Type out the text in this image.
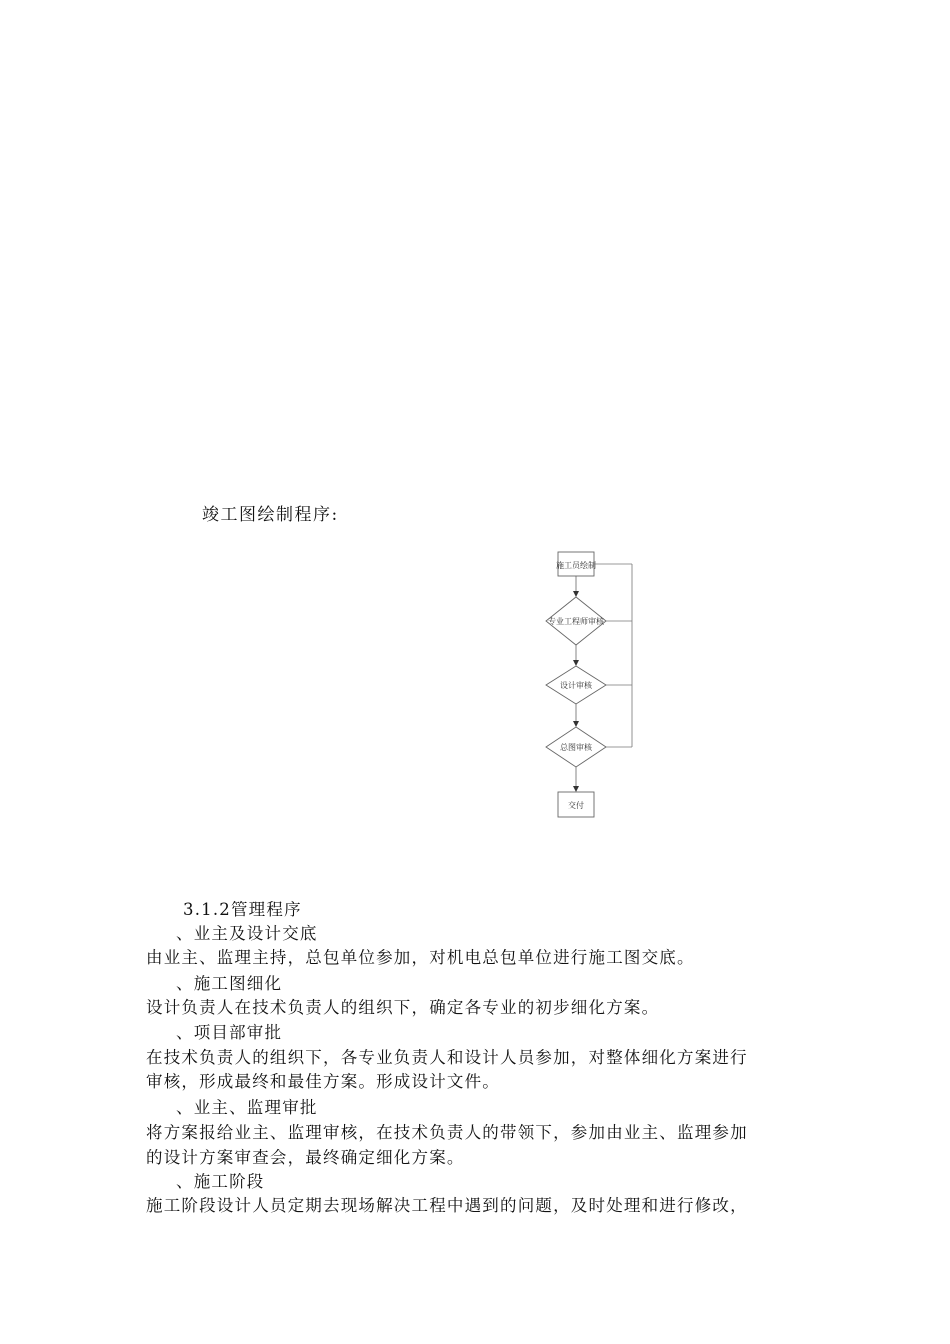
竣工图绘制程序:
施工员绘制
专业工程师审核
设计审核
总图审核
交付
3.1.2管理程序
、业主及设计交底
由业主、监理主持，总包单位参加，对机电总包单位进行施工图交底。
、施工图细化
设计负责人在技术负责人的组织下，确定各专业的初步细化方案。
、项目部审批
在技术负责人的组织下，各专业负责人和设计人员参加，对整体细化方案进行
审核，形成最终和最佳方案。形成设计文件。
、业主、监理审批
将方案报给业主、监理审核，在技术负责人的带领下，参加由业主、监理参加
的设计方案审查会，最终确定细化方案。
、施工阶段
施工阶段设计人员定期去现场解决工程中遇到的问题，及时处理和进行修改，
